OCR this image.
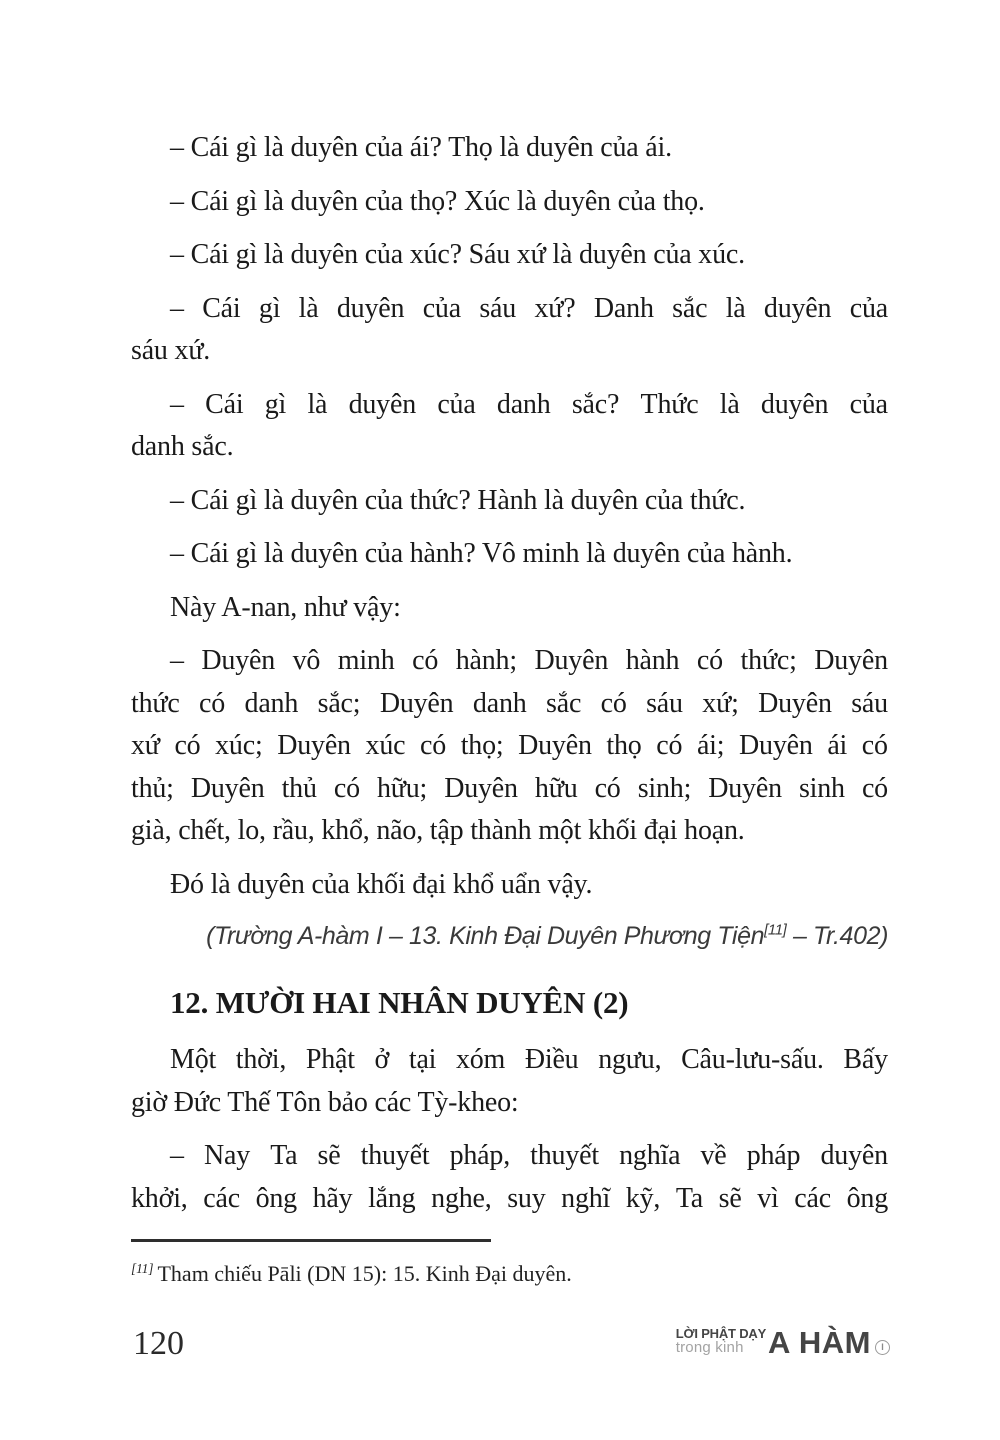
– Cái gì là duyên của ái? Thọ là duyên của ái.
– Cái gì là duyên của thọ? Xúc là duyên của thọ.
– Cái gì là duyên của xúc? Sáu xứ là duyên của xúc.
– Cái gì là duyên của sáu xứ? Danh sắc là duyên của
sáu xứ.
– Cái gì là duyên của danh sắc? Thức là duyên của
danh sắc.
– Cái gì là duyên của thức? Hành là duyên của thức.
– Cái gì là duyên của hành? Vô minh là duyên của hành.
Này A-nan, như vậy:
– Duyên vô minh có hành; Duyên hành có thức; Duyên
thức có danh sắc; Duyên danh sắc có sáu xứ; Duyên sáu
xứ có xúc; Duyên xúc có thọ; Duyên thọ có ái; Duyên ái có
thủ; Duyên thủ có hữu; Duyên hữu có sinh; Duyên sinh có
già, chết, lo, rầu, khổ, não, tập thành một khối đại hoạn.
Đó là duyên của khối đại khổ uẩn vậy.
(Trường A-hàm I – 13. Kinh Đại Duyên Phương Tiện[11] – Tr.402)
12. MƯỜI HAI NHÂN DUYÊN (2)
Một thời, Phật ở tại xóm Điều ngưu, Câu-lưu-sấu. Bấy
giờ Đức Thế Tôn bảo các Tỳ-kheo:
– Nay Ta sẽ thuyết pháp, thuyết nghĩa về pháp duyên
khởi, các ông hãy lắng nghe, suy nghĩ kỹ, Ta sẽ vì các ông
[11] Tham chiếu Pāli (DN 15): 15. Kinh Đại duyên.
120	LỜI PHẬT DẠY
trong kinh A HÀM	I
